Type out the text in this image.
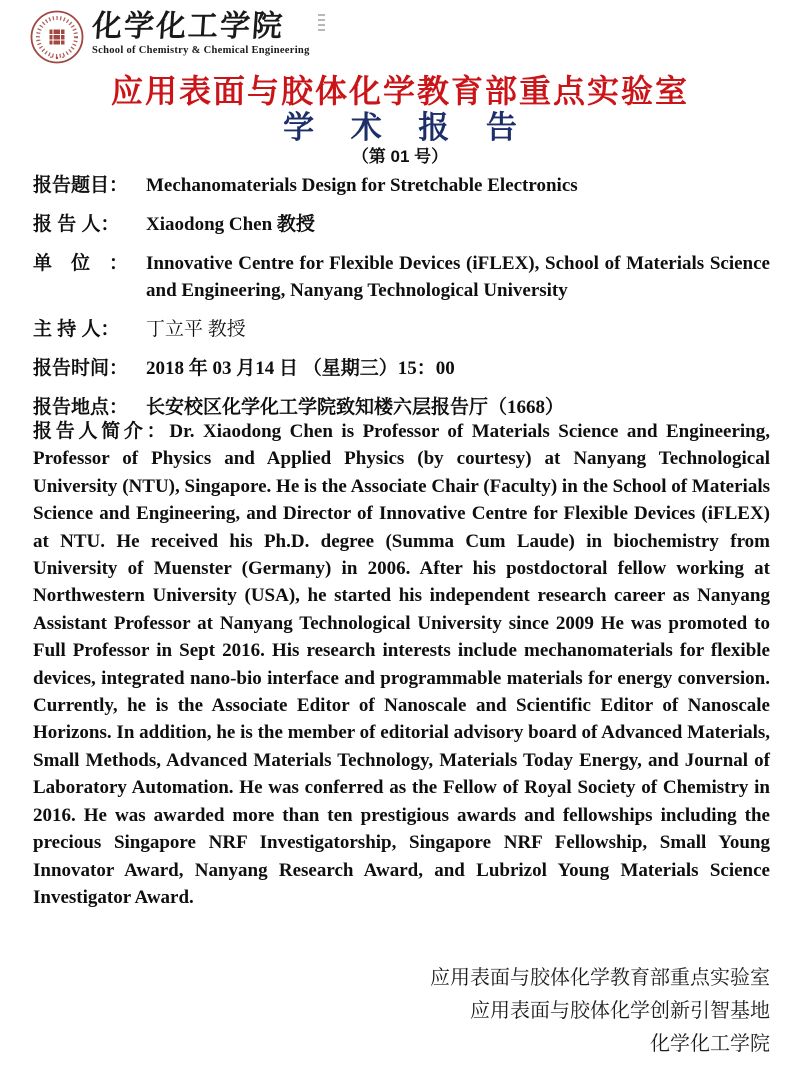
化学化工学院
School of Chemistry & Chemical Engineering
应用表面与胶体化学教育部重点实验室
学 术 报 告
（第 01 号）
报告题目： Mechanomaterials Design for Stretchable Electronics
报 告 人：	Xiaodong Chen 教授
单　位　： Innovative Centre for Flexible Devices (iFLEX), School of Materials Science and Engineering, Nanyang Technological University
主 持 人：	丁立平 教授
报告时间： 2018 年 03 月14 日 （星期三）15：00
报告地点： 长安校区化学化工学院致知楼六层报告厅（1668）

报告人简介：Dr. Xiaodong Chen is Professor of Materials Science and Engineering, Professor of Physics and Applied Physics (by courtesy) at Nanyang Technological University (NTU), Singapore. He is the Associate Chair (Faculty) in the School of Materials Science and Engineering, and Director of Innovative Centre for Flexible Devices (iFLEX) at NTU. He received his Ph.D. degree (Summa Cum Laude) in biochemistry from University of Muenster (Germany) in 2006. After his postdoctoral fellow working at Northwestern University (USA), he started his independent research career as Nanyang Assistant Professor at Nanyang Technological University since 2009 He was promoted to Full Professor in Sept 2016. His research interests include mechanomaterials for flexible devices, integrated nano-bio interface and programmable materials for energy conversion. Currently, he is the Associate Editor of Nanoscale and Scientific Editor of Nanoscale Horizons. In addition, he is the member of editorial advisory board of Advanced Materials, Small Methods, Advanced Materials Technology, Materials Today Energy, and Journal of Laboratory Automation. He was conferred as the Fellow of Royal Society of Chemistry in 2016. He was awarded more than ten prestigious awards and fellowships including the precious Singapore NRF Investigatorship, Singapore NRF Fellowship, Small Young Innovator Award, Nanyang Research Award, and Lubrizol Young Materials Science Investigator Award.

应用表面与胶体化学教育部重点实验室
应用表面与胶体化学创新引智基地
化学化工学院
